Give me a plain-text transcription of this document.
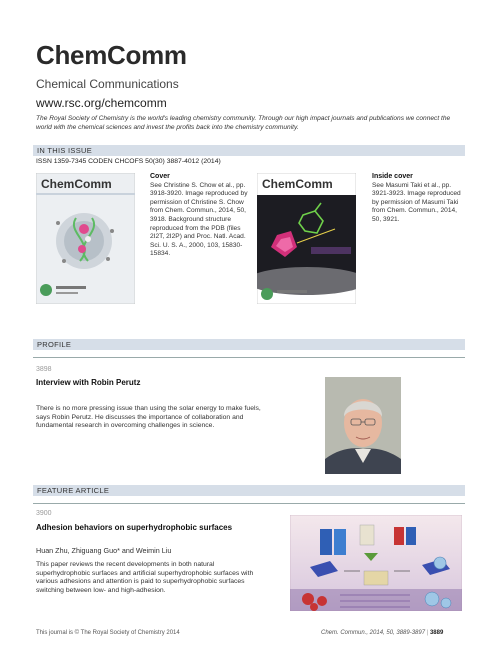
ChemComm
Chemical Communications
www.rsc.org/chemcomm
The Royal Society of Chemistry is the world's leading chemistry community. Through our high impact journals and publications we connect the world with the chemical sciences and invest the profits back into the chemistry community.
IN THIS ISSUE
ISSN 1359-7345 CODEN CHCOFS 50(30) 3887-4012 (2014)
ChemComm
Cover
See Christine S. Chow et al., pp. 3918-3920. Image reproduced by permission of Christine S. Chow from Chem. Commun., 2014, 50, 3918. Background structure reproduced from the PDB (files 2I2T, 2I2P) and Proc. Natl. Acad. Sci. U. S. A., 2000, 103, 15830-15834.
ChemComm
Inside cover
See Masumi Taki et al., pp. 3921-3923. Image reproduced by permission of Masumi Taki from Chem. Commun., 2014, 50, 3921.
PROFILE
3898
Interview with Robin Perutz
There is no more pressing issue than using the solar energy to make fuels, says Robin Perutz. He discusses the importance of collaboration and fundamental research in overcoming challenges in science.
FEATURE ARTICLE
3900
Adhesion behaviors on superhydrophobic surfaces
Huan Zhu, Zhiguang Guo* and Weimin Liu
This paper reviews the recent developments in both natural superhydrophobic surfaces and artificial superhydrophobic surfaces with various adhesions and attention is paid to superhydrophobic surfaces switching between low- and high-adhesion.
This journal is © The Royal Society of Chemistry 2014	Chem. Commun., 2014, 50, 3889-3897 | 3889
